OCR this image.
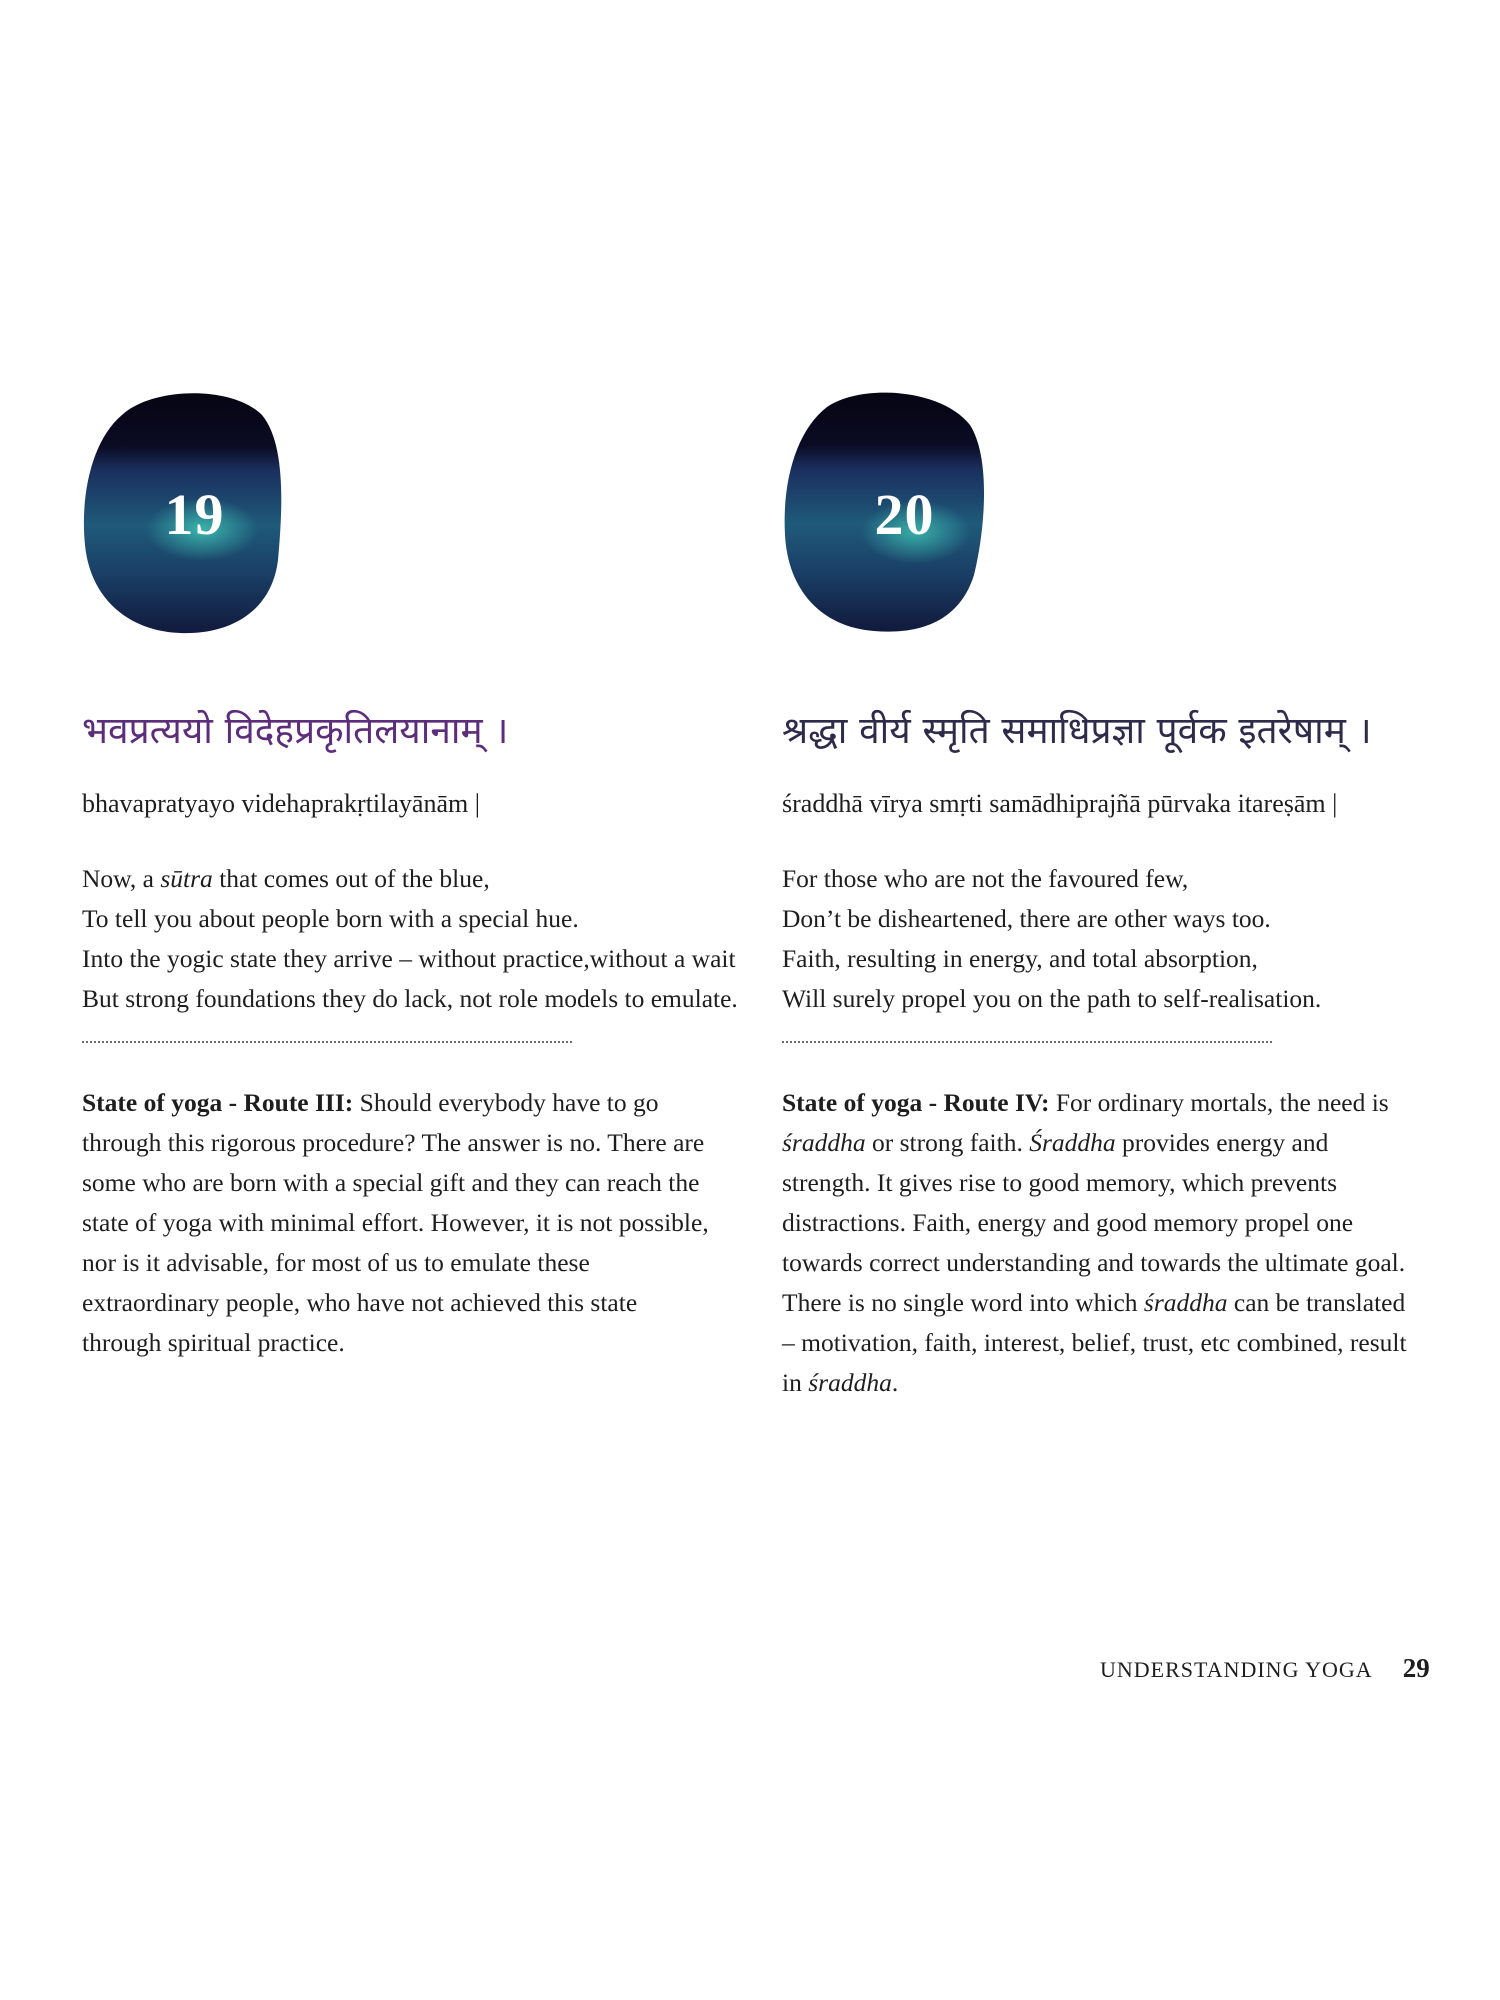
19
भवप्रत्ययो विदेहप्रकृतिलयानाम् ।
bhavapratyayo videhaprakṛtilayānām |
Now, a sūtra that comes out of the blue,
To tell you about people born with a special hue.
Into the yogic state they arrive – without practice,without a wait
But strong foundations they do lack, not role models to emulate.
State of yoga - Route III: Should everybody have to go through this rigorous procedure? The answer is no. There are some who are born with a special gift and they can reach the state of yoga with minimal effort. However, it is not possible, nor is it advisable, for most of us to emulate these extraordinary people, who have not achieved this state through spiritual practice.
20
श्रद्धा वीर्य स्मृति समाधिप्रज्ञा पूर्वक इतरेषाम् ।
śraddhā vīrya smṛti samādhiprajñā pūrvaka itareṣām |
For those who are not the favoured few,
Don’t be disheartened, there are other ways too.
Faith, resulting in energy, and total absorption,
Will surely propel you on the path to self-realisation.
State of yoga - Route IV: For ordinary mortals, the need is śraddha or strong faith. Śraddha provides energy and strength. It gives rise to good memory, which prevents distractions. Faith, energy and good memory propel one towards correct understanding and towards the ultimate goal. There is no single word into which śraddha can be translated – motivation, faith, interest, belief, trust, etc combined, result in śraddha.
UNDERSTANDING YOGA 29
